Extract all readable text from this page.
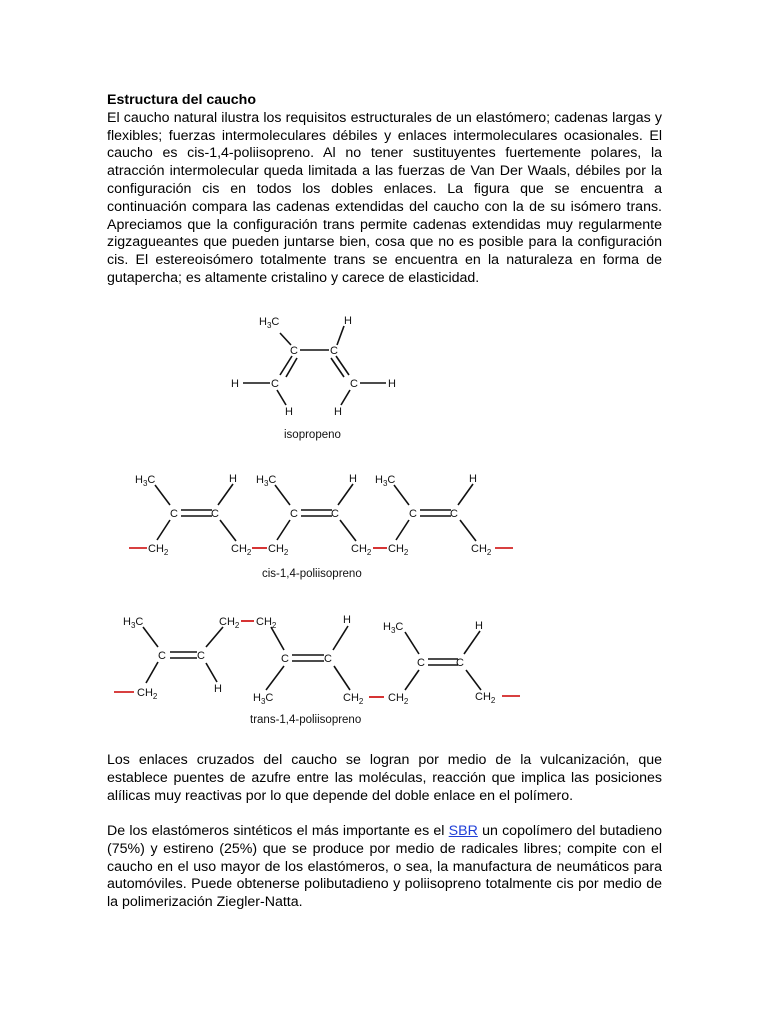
Estructura del caucho
El caucho natural ilustra los requisitos estructurales de un elastómero; cadenas largas y flexibles; fuerzas intermoleculares débiles y enlaces intermoleculares ocasionales. El caucho es cis-1,4-poliisopreno. Al no tener sustituyentes fuertemente polares, la atracción intermolecular queda limitada a las fuerzas de Van Der Waals, débiles por la configuración cis en todos los dobles enlaces. La figura que se encuentra a continuación compara las cadenas extendidas del caucho con la de su isómero trans. Apreciamos que la configuración trans permite cadenas extendidas muy regularmente zigzagueantes que pueden juntarse bien, cosa que no es posible para la configuración cis. El estereoisómero totalmente trans se encuentra en la naturaleza en forma de gutapercha; es altamente cristalino y carece de elasticidad.
$H_3C$	H
C	C
H	C	C	H
H	H
isopropeno
$H_3C$	H
C	C
$CH_2$	$CH_2$
$H_3C$	H
C	C
$CH_2$	$CH_2$
$H_3C$	H
C	C
$CH_2$	$CH_2$
cis-1,4-poliisopreno
$H_3C$	$CH_2$ $CH_2$
C	C
$CH_2$
H
H
C	C
$H_3C$	$CH_2$
$H_3C$	H
C	C
$CH_2$	$CH_2$
trans-1,4-poliisopreno
Los enlaces cruzados del caucho se logran por medio de la vulcanización, que establece puentes de azufre entre las moléculas, reacción que implica las posiciones alílicas muy reactivas por lo que depende del doble enlace en el polímero.
De los elastómeros sintéticos el más importante es el SBR un copolímero del butadieno (75%) y estireno (25%) que se produce por medio de radicales libres; compite con el caucho en el uso mayor de los elastómeros, o sea, la manufactura de neumáticos para automóviles. Puede obtenerse polibutadieno y poliisopreno totalmente cis por medio de la polimerización Ziegler-Natta.
